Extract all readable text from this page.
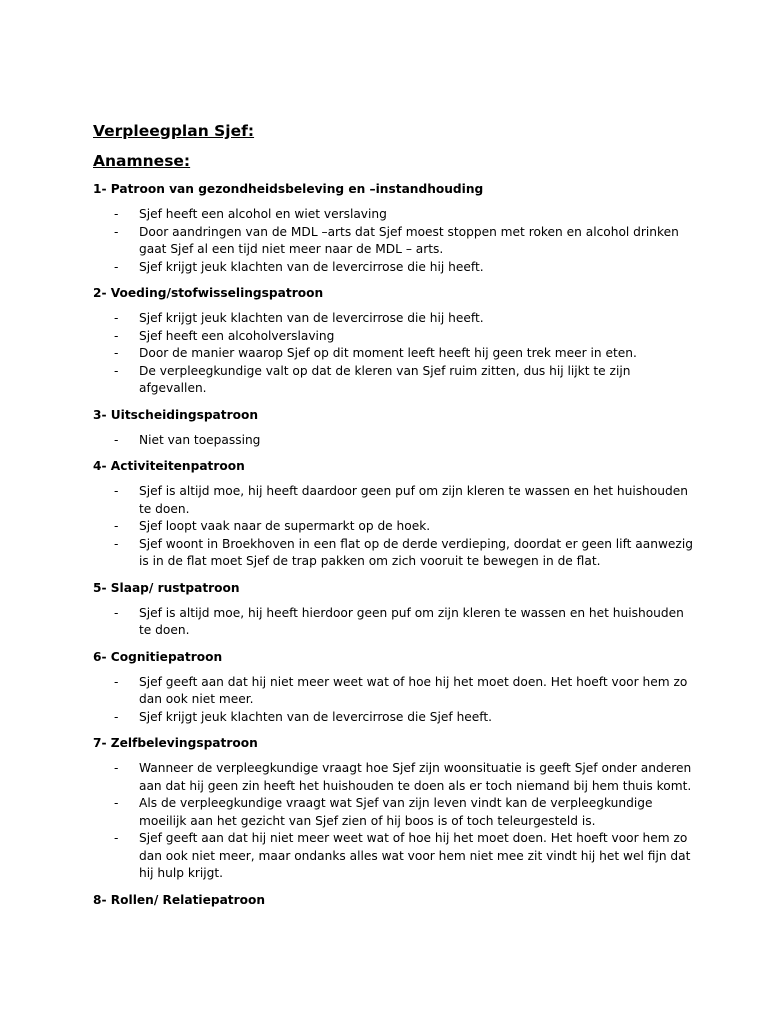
Verpleegplan Sjef:
Anamnese:
1- Patroon van gezondheidsbeleving en –instandhouding
- Sjef heeft een alcohol en wiet verslaving
- Door aandringen van de MDL –arts dat Sjef moest stoppen met roken en alcohol drinken gaat Sjef al een tijd niet meer naar de MDL – arts.
- Sjef krijgt jeuk klachten van de levercirrose die hij heeft.
2- Voeding/stofwisselingspatroon
- Sjef krijgt jeuk klachten van de levercirrose die hij heeft.
- Sjef heeft een alcoholverslaving
- Door de manier waarop Sjef op dit moment leeft heeft hij geen trek meer in eten.
- De verpleegkundige valt op dat de kleren van Sjef ruim zitten, dus hij lijkt te zijn afgevallen.
3- Uitscheidingspatroon
- Niet van toepassing
4- Activiteitenpatroon
- Sjef is altijd moe, hij heeft daardoor geen puf om zijn kleren te wassen en het huishouden te doen.
- Sjef loopt vaak naar de supermarkt op de hoek.
- Sjef woont in Broekhoven in een flat op de derde verdieping, doordat er geen lift aanwezig is in de flat moet Sjef de trap pakken om zich vooruit te bewegen in de flat.
5- Slaap/ rustpatroon
- Sjef is altijd moe, hij heeft hierdoor geen puf om zijn kleren te wassen en het huishouden te doen.
6- Cognitiepatroon
- Sjef geeft aan dat hij niet meer weet wat of hoe hij het moet doen. Het hoeft voor hem zo dan ook niet meer.
- Sjef krijgt jeuk klachten van de levercirrose die Sjef heeft.
7- Zelfbelevingspatroon
- Wanneer de verpleegkundige vraagt hoe Sjef zijn woonsituatie is geeft Sjef onder anderen aan dat hij geen zin heeft het huishouden te doen als er toch niemand bij hem thuis komt.
- Als de verpleegkundige vraagt wat Sjef van zijn leven vindt kan de verpleegkundige moeilijk aan het gezicht van Sjef zien of hij boos is of toch teleurgesteld is.
- Sjef geeft aan dat hij niet meer weet wat of hoe hij het moet doen. Het hoeft voor hem zo dan ook niet meer, maar ondanks alles wat voor hem niet mee zit vindt hij het wel fijn dat hij hulp krijgt.
8- Rollen/ Relatiepatroon
